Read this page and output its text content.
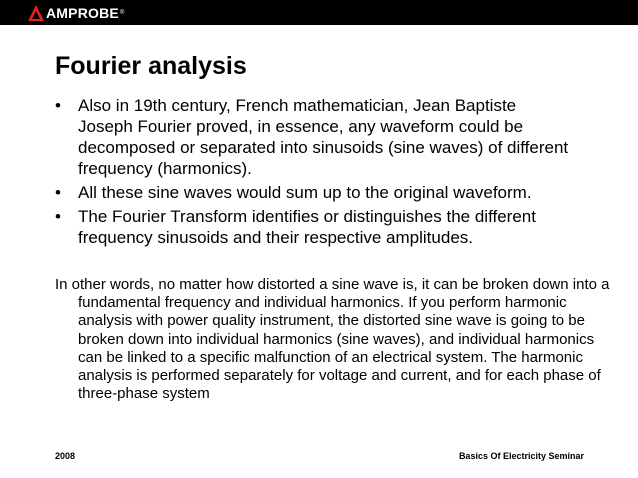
AMPROBE ®
Fourier analysis
• Also in 19th century, French mathematician, Jean Baptiste Joseph Fourier proved, in essence, any waveform could be decomposed or separated into sinusoids (sine waves) of different frequency (harmonics).
• All these sine waves would sum up to the original waveform.
• The Fourier Transform identifies or distinguishes the different frequency sinusoids and their respective amplitudes.

In other words, no matter how distorted a sine wave is, it can be broken down into a fundamental frequency and individual harmonics. If you perform harmonic analysis with power quality instrument, the distorted sine wave is going to be broken down into individual harmonics (sine waves), and individual harmonics can be linked to a specific malfunction of an electrical system. The harmonic analysis is performed separately for voltage and current, and for each phase of three-phase system

2008	Basics Of Electricity Seminar
